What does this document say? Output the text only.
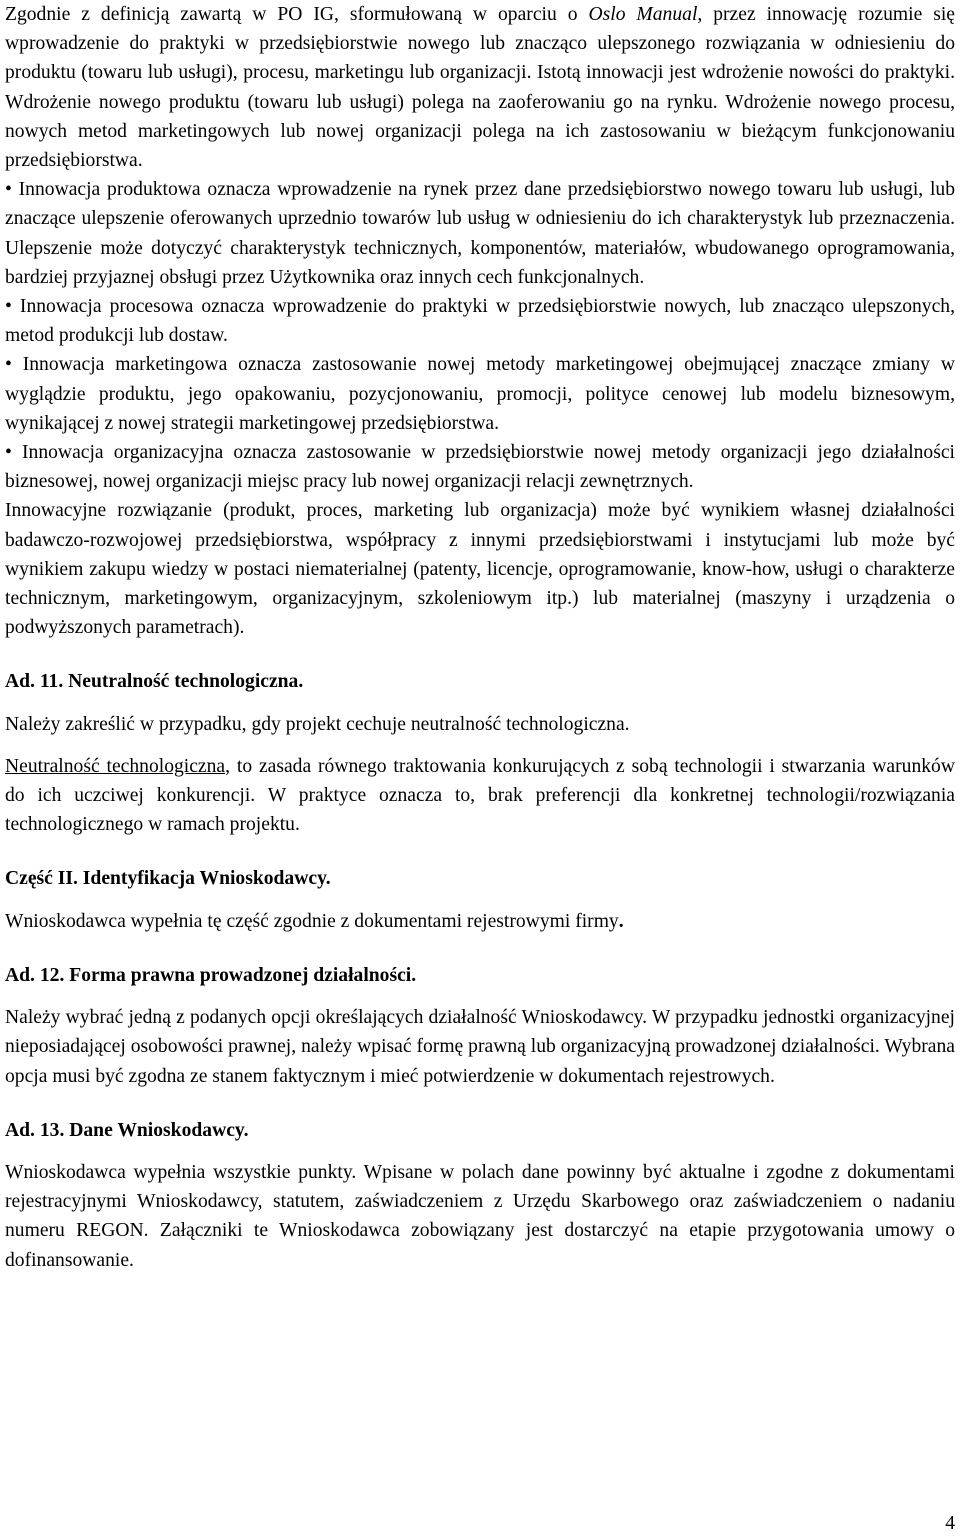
Zgodnie z definicją zawartą w PO IG, sformułowaną w oparciu o Oslo Manual, przez innowację rozumie się wprowadzenie do praktyki w przedsiębiorstwie nowego lub znacząco ulepszonego rozwiązania w odniesieniu do produktu (towaru lub usługi), procesu, marketingu lub organizacji. Istotą innowacji jest wdrożenie nowości do praktyki. Wdrożenie nowego produktu (towaru lub usługi) polega na zaoferowaniu go na rynku. Wdrożenie nowego procesu, nowych metod marketingowych lub nowej organizacji polega na ich zastosowaniu w bieżącym funkcjonowaniu przedsiębiorstwa.

• Innowacja produktowa oznacza wprowadzenie na rynek przez dane przedsiębiorstwo nowego towaru lub usługi, lub znaczące ulepszenie oferowanych uprzednio towarów lub usług w odniesieniu do ich charakterystyk lub przeznaczenia. Ulepszenie może dotyczyć charakterystyk technicznych, komponentów, materiałów, wbudowanego oprogramowania, bardziej przyjaznej obsługi przez Użytkownika oraz innych cech funkcjonalnych.

• Innowacja procesowa oznacza wprowadzenie do praktyki w przedsiębiorstwie nowych, lub znacząco ulepszonych, metod produkcji lub dostaw.

• Innowacja marketingowa oznacza zastosowanie nowej metody marketingowej obejmującej znaczące zmiany w wyglądzie produktu, jego opakowaniu, pozycjonowaniu, promocji, polityce cenowej lub modelu biznesowym, wynikającej z nowej strategii marketingowej przedsiębiorstwa.

• Innowacja organizacyjna oznacza zastosowanie w przedsiębiorstwie nowej metody organizacji jego działalności biznesowej, nowej organizacji miejsc pracy lub nowej organizacji relacji zewnętrznych.

Innowacyjne rozwiązanie (produkt, proces, marketing lub organizacja) może być wynikiem własnej działalności badawczo-rozwojowej przedsiębiorstwa, współpracy z innymi przedsiębiorstwami i instytucjami lub może być wynikiem zakupu wiedzy w postaci niematerialnej (patenty, licencje, oprogramowanie, know-how, usługi o charakterze technicznym, marketingowym, organizacyjnym, szkoleniowym itp.) lub materialnej (maszyny i urządzenia o podwyższonych parametrach).

Ad. 11. Neutralność technologiczna.

Należy zakreślić w przypadku, gdy projekt cechuje neutralność technologiczna.

Neutralność technologiczna, to zasada równego traktowania konkurujących z sobą technologii i stwarzania warunków do ich uczciwej konkurencji. W praktyce oznacza to, brak preferencji dla konkretnej technologii/rozwiązania technologicznego w ramach projektu.

Część II. Identyfikacja Wnioskodawcy.

Wnioskodawca wypełnia tę część zgodnie z dokumentami rejestrowymi firmy.

Ad. 12. Forma prawna prowadzonej działalności.

Należy wybrać jedną z podanych opcji określających działalność Wnioskodawcy. W przypadku jednostki organizacyjnej nieposiadającej osobowości prawnej, należy wpisać formę prawną lub organizacyjną prowadzonej działalności. Wybrana opcja musi być zgodna ze stanem faktycznym i mieć potwierdzenie w dokumentach rejestrowych.

Ad. 13. Dane Wnioskodawcy.

Wnioskodawca wypełnia wszystkie punkty. Wpisane w polach dane powinny być aktualne i zgodne z dokumentami rejestracyjnymi Wnioskodawcy, statutem, zaświadczeniem z Urzędu Skarbowego oraz zaświadczeniem o nadaniu numeru REGON. Załączniki te Wnioskodawca zobowiązany jest dostarczyć na etapie przygotowania umowy o dofinansowanie.

4
